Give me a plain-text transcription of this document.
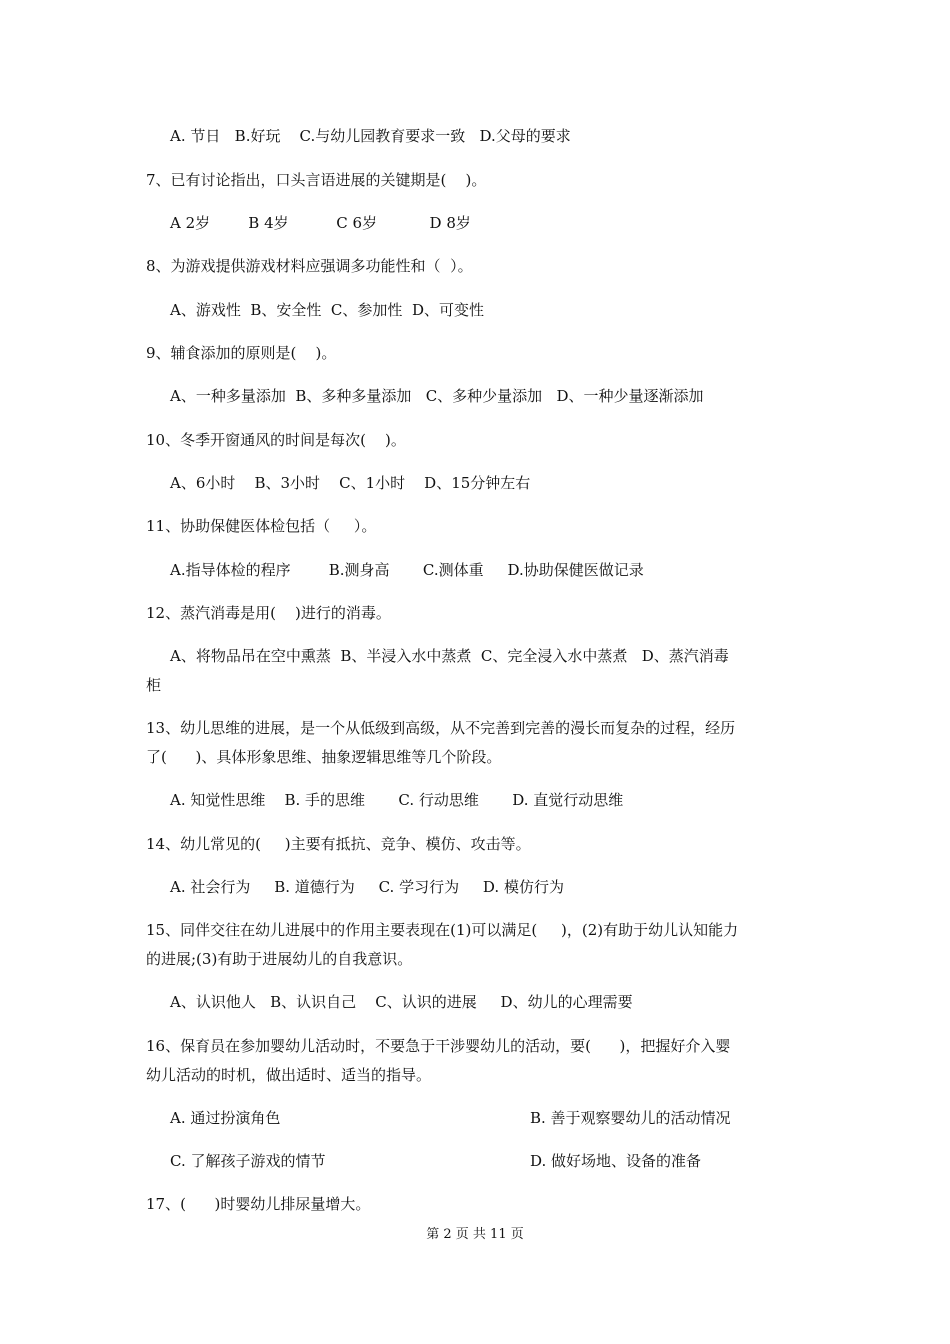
A. 节日   B.好玩    C.与幼儿园教育要求一致   D.父母的要求
7、已有讨论指出，口头言语进展的关键期是(    )。
A 2岁        B 4岁          C 6岁           D 8岁
8、为游戏提供游戏材料应强调多功能性和（  ）。
A、游戏性  B、安全性  C、参加性  D、可变性
9、辅食添加的原则是(    )。
A、一种多量添加  B、多种多量添加   C、多种少量添加   D、一种少量逐渐添加
10、冬季开窗通风的时间是每次(    )。
A、6小时    B、3小时    C、1小时    D、15分钟左右
11、协助保健医体检包括（     ）。
A.指导体检的程序        B.测身高       C.测体重     D.协助保健医做记录
12、蒸汽消毒是用(    )进行的消毒。
A、将物品吊在空中熏蒸  B、半浸入水中蒸煮  C、完全浸入水中蒸煮   D、蒸汽消毒
柜
13、幼儿思维的进展，是一个从低级到高级，从不完善到完善的漫长而复杂的过程，经历
了(      )、具体形象思维、抽象逻辑思维等几个阶段。
A. 知觉性思维    B. 手的思维       C. 行动思维       D. 直觉行动思维
14、幼儿常见的(     )主要有抵抗、竞争、模仿、攻击等。
A. 社会行为     B. 道德行为     C. 学习行为     D. 模仿行为
15、同伴交往在幼儿进展中的作用主要表现在(1)可以满足(     )，(2)有助于幼儿认知能力
的进展;(3)有助于进展幼儿的自我意识。
A、认识他人   B、认识自己    C、认识的进展     D、幼儿的心理需要
16、保育员在参加婴幼儿活动时，不要急于干涉婴幼儿的活动，要(      )，把握好介入婴
幼儿活动的时机，做出适时、适当的指导。
A. 通过扮演角色	B. 善于观察婴幼儿的活动情况
C. 了解孩子游戏的情节	D. 做好场地、设备的准备
17、(      )时婴幼儿排尿量增大。
第 2 页 共 11 页
